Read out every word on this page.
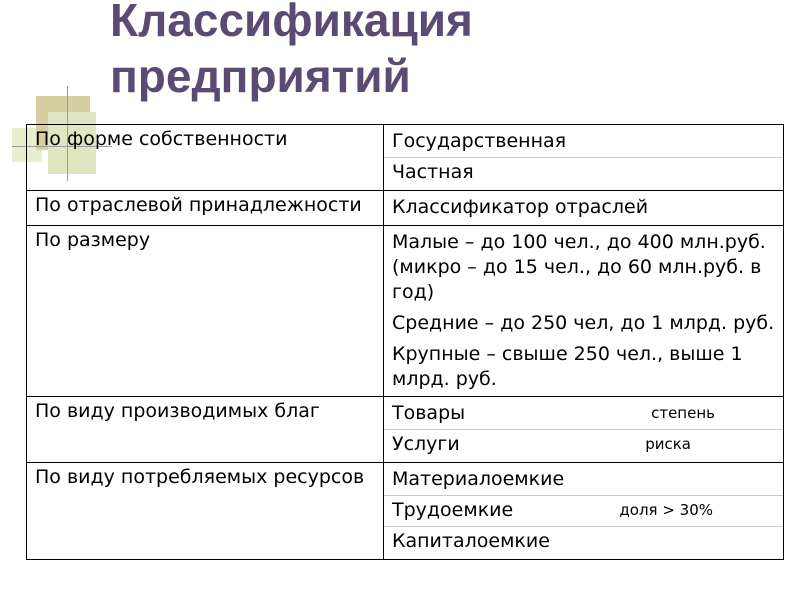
Классификация
предприятий
По форме собственности	Государственная
Частная

По отраслевой принадлежности	Классификатор отраслей

По размеру	Малые – до 100 чел., до 400 млн.руб. (микро – до 15 чел., до 60 млн.руб. в год)
Средние – до 250 чел, до 1 млрд. руб.
Крупные – свыше 250 чел., выше 1 млрд. руб.

По виду производимых благ	Товары степень
Услуги риска

По виду потребляемых ресурсов	Материалоемкие
Трудоемкие доля > 30%
Капиталоемкие
